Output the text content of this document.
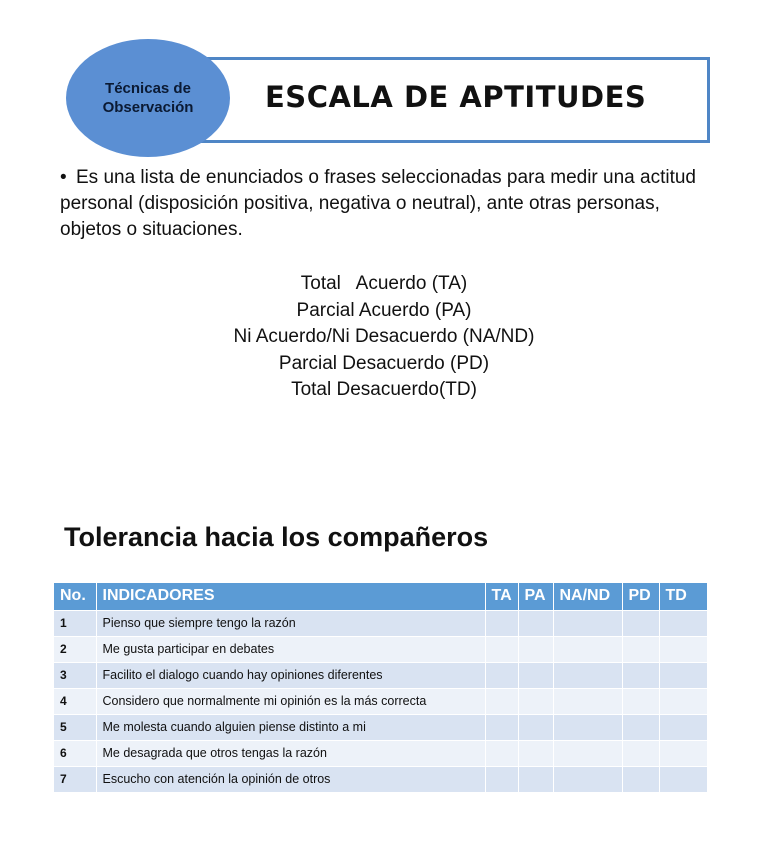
ESCALA DE APTITUDES
Técnicas de
Observación
• Es una lista de enunciados o frases seleccionadas para medir una actitud personal (disposición positiva, negativa o neutral), ante otras personas, objetos o situaciones.
Total   Acuerdo (TA)
Parcial Acuerdo (PA)
Ni Acuerdo/Ni Desacuerdo (NA/ND)
Parcial Desacuerdo (PD)
Total Desacuerdo(TD)
Tolerancia hacia los compañeros
No.	INDICADORES	TA	PA	NA/ND	PD	TD
1	Pienso que siempre tengo la razón					
2	Me gusta participar en debates					
3	Facilito el dialogo cuando hay opiniones diferentes					
4	Considero que normalmente mi opinión es la más correcta					
5	Me molesta cuando alguien piense distinto a mi					
6	Me desagrada que otros tengas la razón					
7	Escucho con atención la opinión de otros					
